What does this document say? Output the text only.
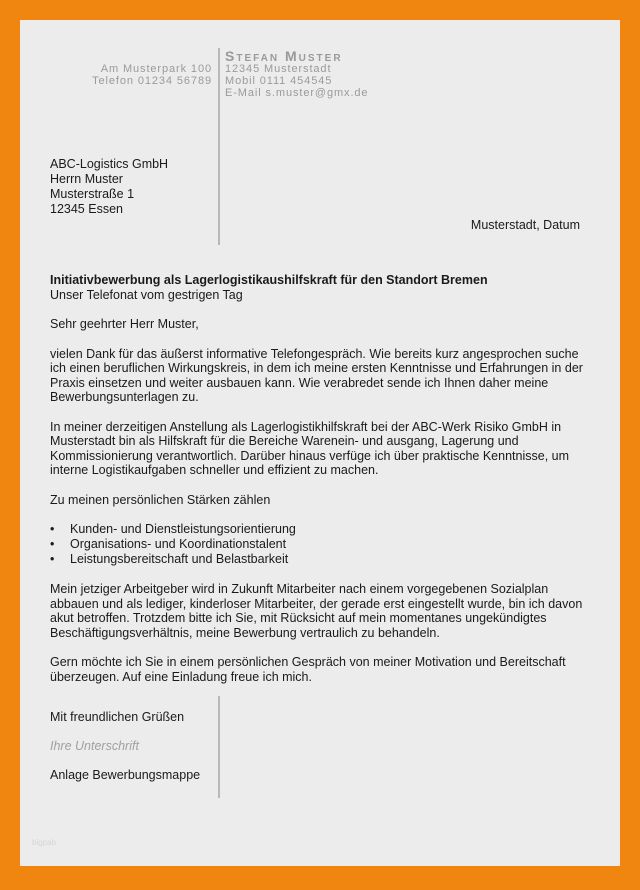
Am Musterpark 100
Telefon 01234 56789
Stefan Muster
12345 Musterstadt
Mobil 0111 454545
E-Mail s.muster@gmx.de
ABC-Logistics GmbH
Herrn Muster
Musterstraße 1
12345 Essen
Musterstadt, Datum
Initiativbewerbung als Lagerlogistikaushilfskraft für den Standort Bremen
Unser Telefonat vom gestrigen Tag
Sehr geehrter Herr Muster,
vielen Dank für das äußerst informative Telefongespräch. Wie bereits kurz angesprochen suche ich einen beruflichen Wirkungskreis, in dem ich meine ersten Kenntnisse und Erfahrungen in der Praxis einsetzen und weiter ausbauen kann. Wie verabredet sende ich Ihnen daher meine Bewerbungsunterlagen zu.
In meiner derzeitigen Anstellung als Lagerlogistikhilfskraft bei der ABC-Werk Risiko GmbH in Musterstadt bin als Hilfskraft für die Bereiche Warenein- und ausgang, Lagerung und Kommissionierung verantwortlich. Darüber hinaus verfüge ich über praktische Kenntnisse, um interne Logistikaufgaben schneller und effizient zu machen.
Zu meinen persönlichen Stärken zählen
• Kunden- und Dienstleistungsorientierung
• Organisations- und Koordinationstalent
• Leistungsbereitschaft und Belastbarkeit
Mein jetziger Arbeitgeber wird in Zukunft Mitarbeiter nach einem vorgegebenen Sozialplan abbauen und als lediger, kinderloser Mitarbeiter, der gerade erst eingestellt wurde, bin ich davon akut betroffen. Trotzdem bitte ich Sie, mit Rücksicht auf mein momentanes ungekündigtes Beschäftigungsverhältnis, meine Bewerbung vertraulich zu behandeln.
Gern möchte ich Sie in einem persönlichen Gespräch von meiner Motivation und Bereitschaft überzeugen. Auf eine Einladung freue ich mich.
Mit freundlichen Grüßen
Ihre Unterschrift
Anlage Bewerbungsmappe
bigpab
